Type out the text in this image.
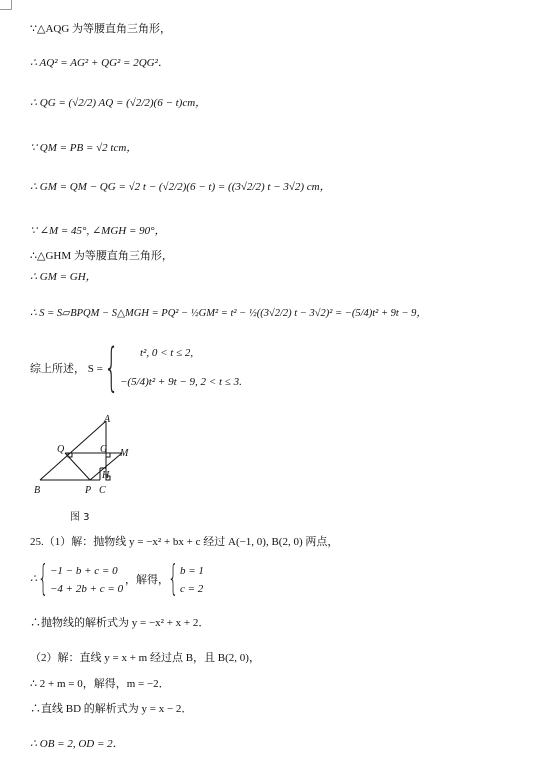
∵△AQG 为等腰直角三角形，
∴ AQ² = AG² + QG² = 2QG²．
∴ QG = (√2/2) AQ = (√2/2)(6 − t)cm，
∵ QM = PB = √2 tcm，
∴ GM = QM − QG = √2 t − (√2/2)(6 − t) = ((3√2/2) t − 3√2) cm，
∵ ∠M = 45°, ∠MGH = 90°，
∴△GHM 为等腰直角三角形，
∴ GM = GH，
∴ S = S▱BPQM − S△MGH = PQ² − ½GM² = t² − ½((3√2/2) t − 3√2)² = −(5/4)t² + 9t − 9，
综上所述， S = { t², 0 < t ≤ 2,
−(5/4)t² + 9t − 9, 2 < t ≤ 3.
A
Q	G M
H
B	P C
图 3
25.（1）解：抛物线 y = −x² + bx + c 经过 A(−1, 0), B(2, 0) 两点，
∴ { −1 − b + c = 0
−4 + 2b + c = 0
，解得， { b = 1
c = 2
∴抛物线的解析式为 y = −x² + x + 2．
（2）解：直线 y = x + m 经过点 B，且 B(2, 0)，
∴ 2 + m = 0，解得，m = −2．
∴直线 BD 的解析式为 y = x − 2．
∴ OB = 2, OD = 2．
